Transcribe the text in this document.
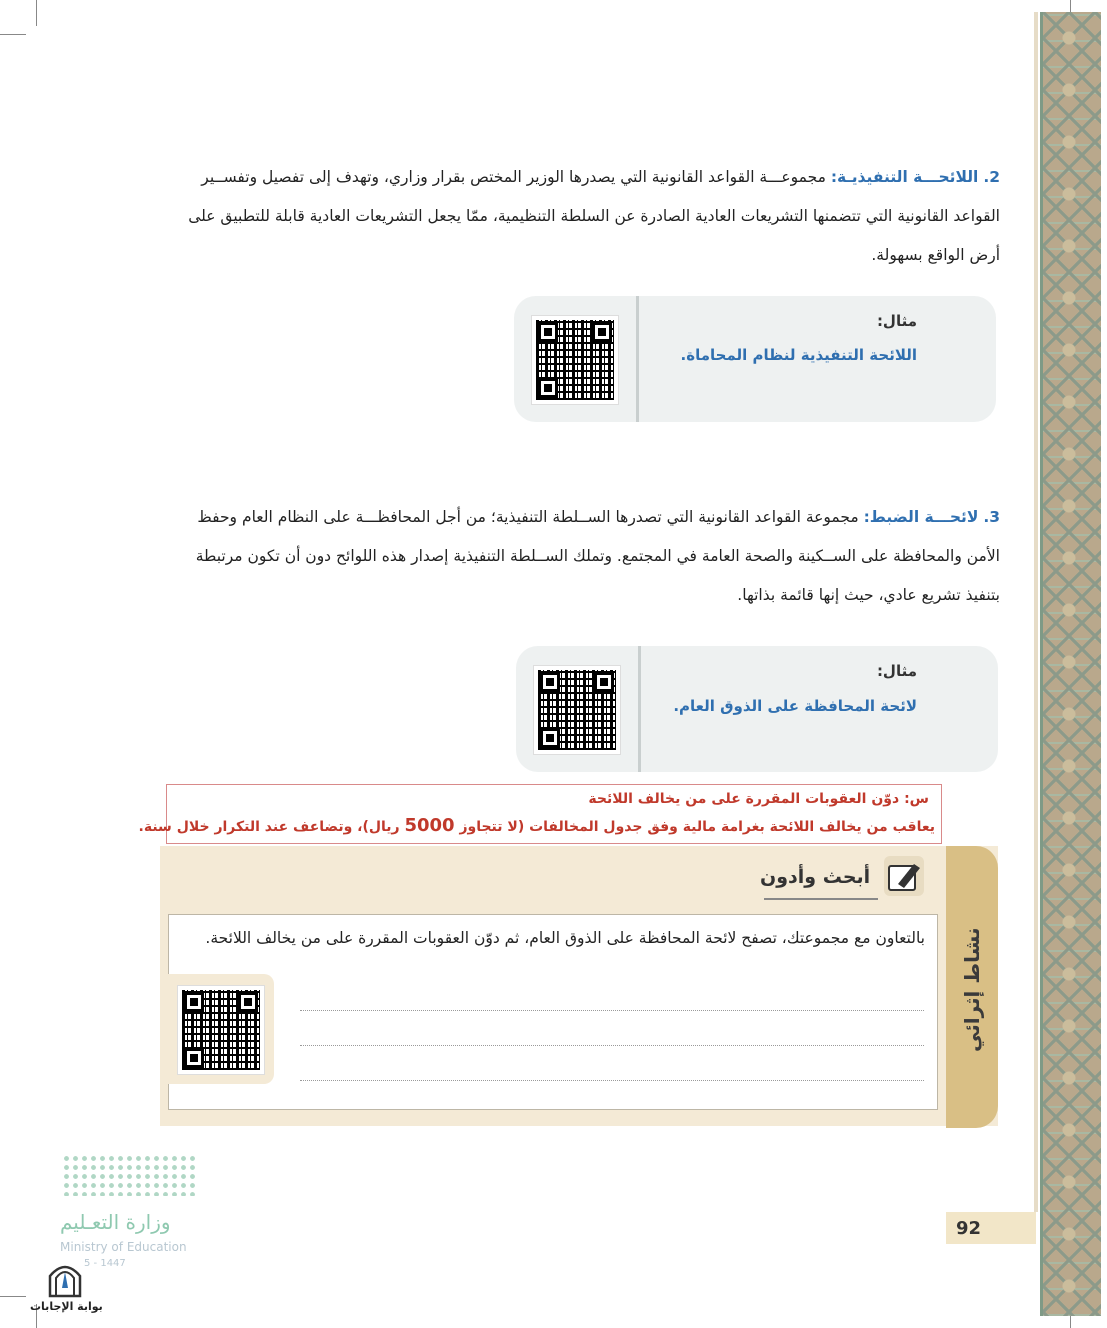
2. اللائحـــة التنفيذيـة: مجموعـــة القواعد القانونية التي يصدرها الوزير المختص بقرار وزاري، وتهدف إلى تفصيل وتفســير القواعد القانونية التي تتضمنها التشريعات العادية الصادرة عن السلطة التنظيمية، ممّا يجعل التشريعات العادية قابلة للتطبيق على أرض الواقع بسهولة.
مثال:
اللائحة التنفيذية لنظام المحاماة.
3. لائحـــة الضبط: مجموعة القواعد القانونية التي تصدرها الســلطة التنفيذية؛ من أجل المحافظـــة على النظام العام وحفظ الأمن والمحافظة على الســكينة والصحة العامة في المجتمع. وتملك الســلطة التنفيذية إصدار هذه اللوائح دون أن تكون مرتبطة بتنفيذ تشريع عادي، حيث إنها قائمة بذاتها.
مثال:
لائحة المحافظة على الذوق العام.
س: دوّن العقوبات المقررة على من يخالف اللائحة
يعاقب من يخالف اللائحة بغرامة مالية وفق جدول المخالفات (لا تتجاوز 5000 ريال)، وتضاعف عند التكرار خلال سنة.
نشاط إثرائي
أبحث وأدون
بالتعاون مع مجموعتك، تصفح لائحة المحافظة على الذوق العام، ثم دوّن العقوبات المقررة على من يخالف اللائحة.
92
وزارة التعـليم
Ministry of Education
5 - 1447
بوابة الإجابات
